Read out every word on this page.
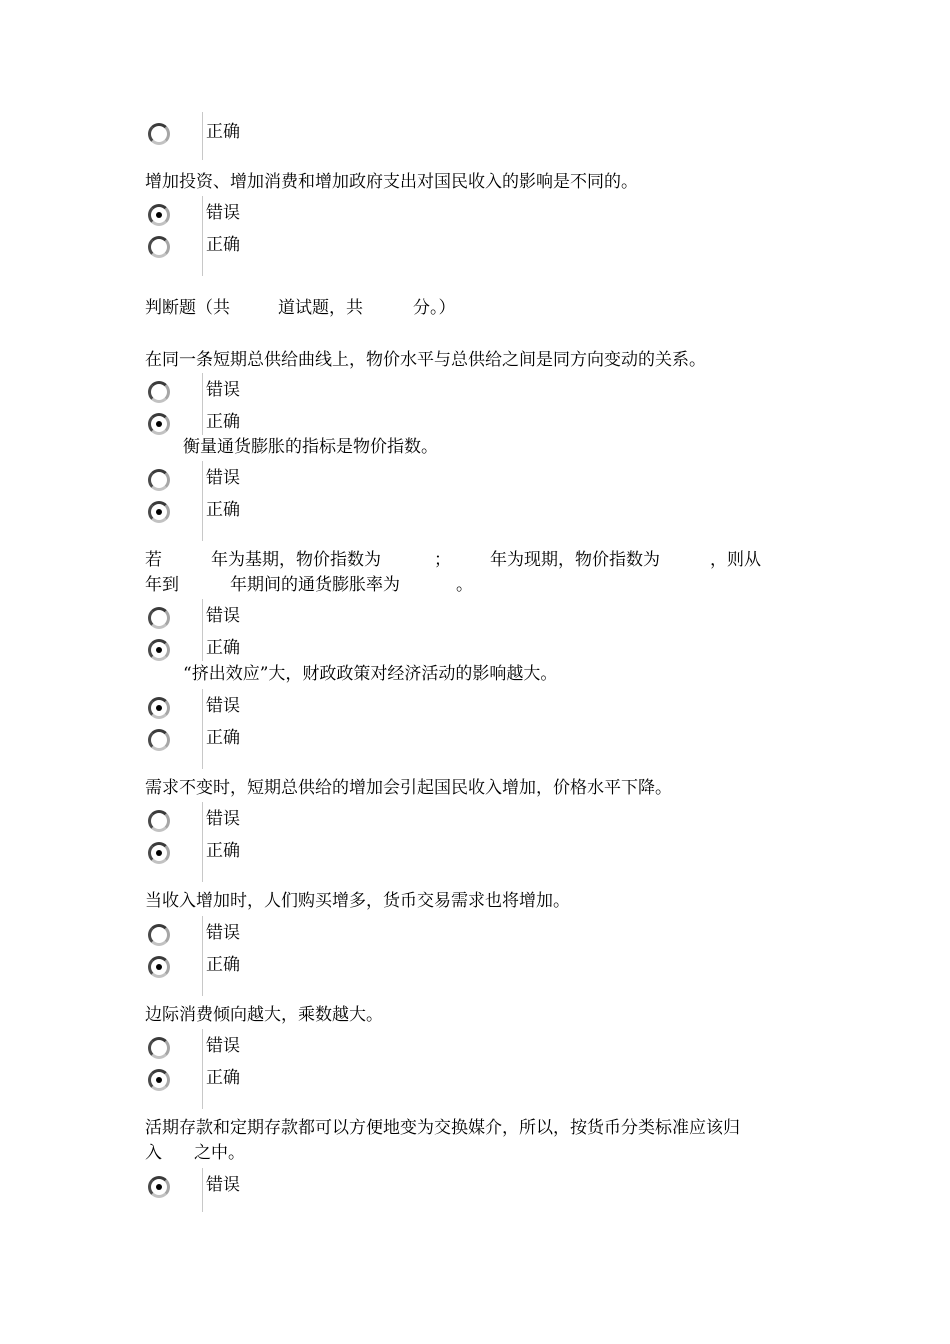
正确
增加投资、增加消费和增加政府支出对国民收入的影响是不同的。
错误
正确
判断题（共	道试题，共	分。）
在同一条短期总供给曲线上，物价水平与总供给之间是同方向变动的关系。
错误
正确
衡量通货膨胀的指标是物价指数。
错误
正确
若	年为基期，物价指数为	； 年为现期，物价指数为	，则从
年到	年期间的通货膨胀率为	。
错误
正确
“挤出效应”大，财政政策对经济活动的影响越大。
错误
正确
需求不变时，短期总供给的增加会引起国民收入增加，价格水平下降。
错误
正确
当收入增加时，人们购买增多，货币交易需求也将增加。
错误
正确
边际消费倾向越大，乘数越大。
错误
正确
活期存款和定期存款都可以方便地变为交换媒介，所以，按货币分类标准应该归
入 之中。
错误
